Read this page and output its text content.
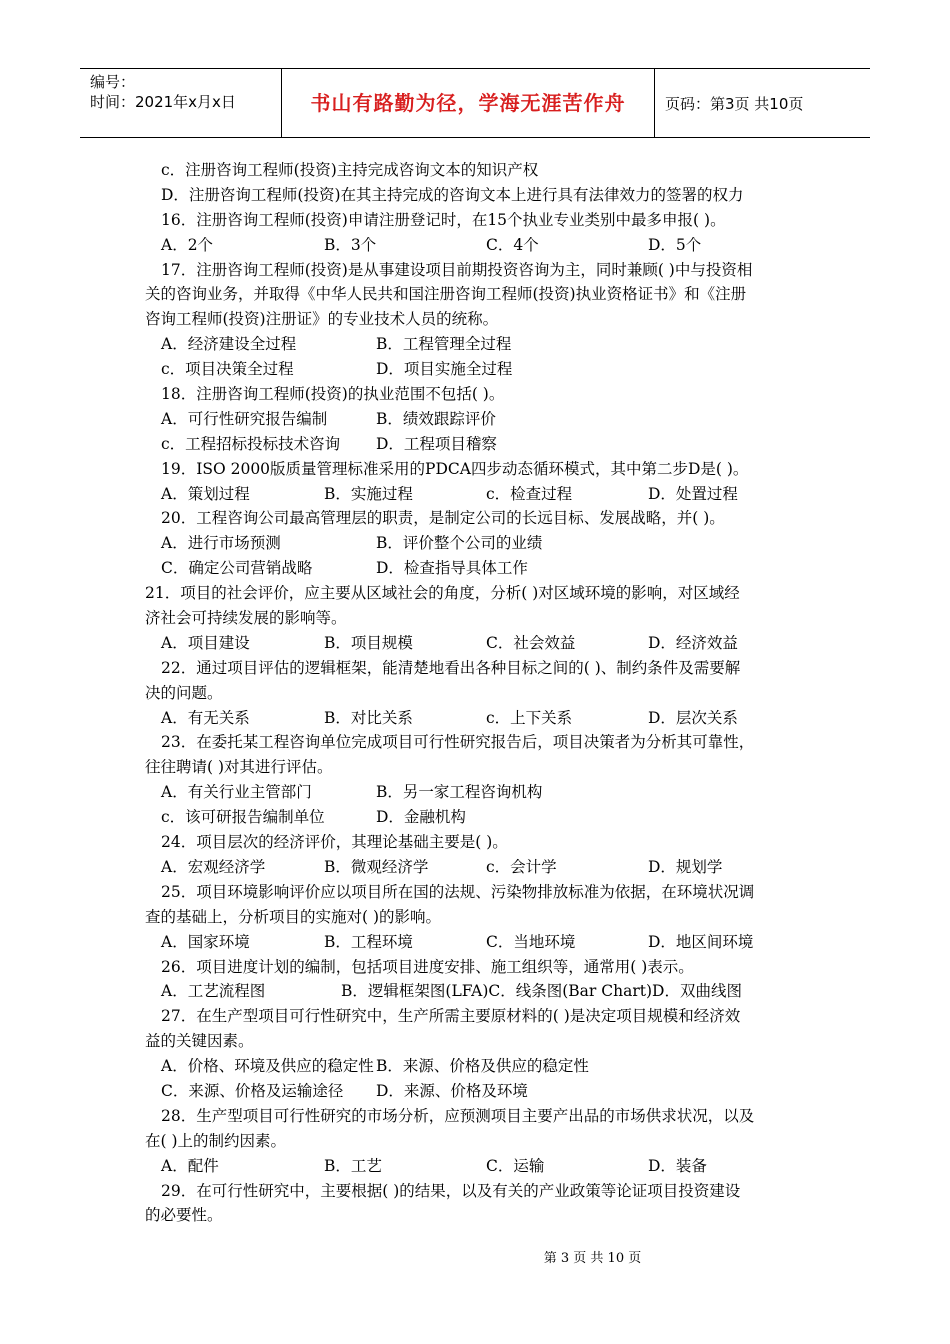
编号：
时间：2021年x月x日	书山有路勤为径，学海无涯苦作舟	页码：第3页 共10页
c．注册咨询工程师(投资)主持完成咨询文本的知识产权
D．注册咨询工程师(投资)在其主持完成的咨询文本上进行具有法律效力的签署的权力
16．注册咨询工程师(投资)申请注册登记时，在15个执业专业类别中最多申报( )。
A．2个	B．3个	C．4个	D．5个
17．注册咨询工程师(投资)是从事建设项目前期投资咨询为主，同时兼顾( )中与投资相
关的咨询业务，并取得《中华人民共和国注册咨询工程师(投资)执业资格证书》和《注册
咨询工程师(投资)注册证》的专业技术人员的统称。
A．经济建设全过程	B．工程管理全过程
c．项目决策全过程	D．项目实施全过程
18．注册咨询工程师(投资)的执业范围不包括( )。
A．可行性研究报告编制	B．绩效跟踪评价
c．工程招标投标技术咨询 D．工程项目稽察
19．ISO 2000版质量管理标准采用的PDCA四步动态循环模式，其中第二步D是( )。
A．策划过程	B．实施过程	c．检查过程	D．处置过程
20．工程咨询公司最高管理层的职责，是制定公司的长远目标、发展战略，并( )。
A．进行市场预测	B．评价整个公司的业绩
C．确定公司营销战略	D．检查指导具体工作
21．项目的社会评价，应主要从区域社会的角度，分析( )对区域环境的影响，对区域经
济社会可持续发展的影响等。
A．项目建设	B．项目规模	C．社会效益	D．经济效益
22．通过项目评估的逻辑框架，能清楚地看出各种目标之间的( )、制约条件及需要解
决的问题。
A．有无关系	B．对比关系	c．上下关系	D．层次关系
23．在委托某工程咨询单位完成项目可行性研究报告后，项目决策者为分析其可靠性，
往往聘请( )对其进行评估。
A．有关行业主管部门	B．另一家工程咨询机构
c．该可研报告编制单位	D．金融机构
24．项目层次的经济评价，其理论基础主要是( )。
A．宏观经济学	B．微观经济学	c．会计学	D．规划学
25．项目环境影响评价应以项目所在国的法规、污染物排放标准为依据，在环境状况调
查的基础上，分析项目的实施对( )的影响。
A．国家环境	B．工程环境	C．当地环境	D．地区间环境
26．项目进度计划的编制，包括项目进度安排、施工组织等，通常用( )表示。
A．工艺流程图	B．逻辑框架图(LFA)C．线条图(Bar Chart)D．双曲线图
27．在生产型项目可行性研究中，生产所需主要原材料的( )是决定项目规模和经济效
益的关键因素。
A．价格、环境及供应的稳定性 B．来源、价格及供应的稳定性
C．来源、价格及运输途径 D．来源、价格及环境
28．生产型项目可行性研究的市场分析，应预测项目主要产出品的市场供求状况，以及
在( )上的制约因素。
A．配件	B．工艺	C．运输	D．装备
29．在可行性研究中，主要根据( )的结果，以及有关的产业政策等论证项目投资建设
的必要性。
第 3 页 共 10 页
